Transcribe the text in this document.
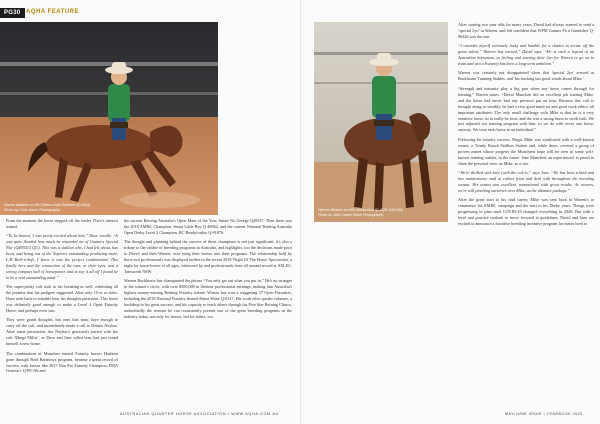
PG30 AQHA FEATURE
Darren Baldwin on WH Sheza Gold Grimbee (Q-RAQ)
Photo by Chris Jones Photography	Warren Neaves on WH Sheza Bud (Q-AQD QA1304)
Photo by Jolly Clarke Kebel Photography

From the moment the horse stepped off the trailer, Dave's interest waned.

“To be honest, I was pretty excited about him,” Dave recalls. “It was quite flooded how much he reminded me of Gunners Special Nite (Q495513 QU). This was a stallion who, I had felt about, has been, and being out of the Nayton's outstanding producing mare, L.H Rich-n-Soft, I knew it was the perfect combination! This finally hers and the connection of the cam, or their eyes, was a strong compact ball of horsepower, and to top it all off I found he to be a real outstanding mind.”

The super-pretty colt took to his breaking-in well, exhibiting all the promise that his pedigree suggested. After only 10 or so rides, Dave rode back to reinable him, his thoughts persistent. This horse was definitely good enough to make a Level 4 Open Futurity Horse, and perhaps even win.

They were grand thoughts, but ones that must have enough to carry off the colt, and immediately made a call to Dennis Neyhas. After some persuasion, the Neyhas's graciously parted with the colt ‘Marge Millet’, as Dave and Jane called him, had just found himself a new home.

The combination of Munchen started Futurity horses Harbour gone through Reid Rainbows program, became a great record of success, with horses like 2017 Non Pro Futurity Champion, DNA Genesis's Q-RT-A6 and

the current Reining Australia's Open Mare of the Year, Smart No George Q49337. Then there was the 2018 AMHC Champion, Smart Little Roy Q-49062, and the current National Reining Australia Open Derby Level 2 Champion, BC Readyforthis Q-91876.

The thought and planning behind the success of these champions is not just significant, it's also a tribute to the calibre of breeding programs in Australia, and highlights, too the decisions made prior to Dave's and then Warren, over tying their horses into their programs. The relationship held by these two professionals was displayed further in the recent 2019 'Night Of The Horse' Spectacular, a night for horse-lovers of all ages, witnessed by and professionals from all around record at AELEC, Tamworth NSW.

Warren Backhouse has championed the phrase “You only get out what you put in.” He's no stranger to the winner's circle, with over $300,000 in lifetime professional earnings, making him Australia's highest money-earning Reining Futurity trainer. Warren has won a staggering 37 Open Futurities, including the 2018 National Futurity aboard Sheza Shine Q-0127. His work ethic speaks volumes, a backdrop to his great success, and his capacity to teach others through his Five Star Reining Clinics, undoubtedly the reasons he can consistently present one of the great breeding programs in the industry today, not only for horses, but for riders, too.

After starting two year olds for many years, David had always wanted to send a ‘special 2yo’ to Warren, and felt confident that WPM Gunner Pa n Gunnisher Q-96426 was the one.

“I consider myself extremely lucky and humble for a chance to secure off the great talent,” Warren has earned,” David says. “He is such a legend of an Australian horseman, so feeling and starting their 2yo for Warren to go on to train and win a Futurity has been a long-term ambition.”

Warren was certainly not disappointed when that 'special 2yo' arrived at Backhouse Training Stables, and 'his tracking has good winds about Mike.'

“Strength and maturity play a big part when any horse comes through for training,” Warren states. “David Munchen did an excellent job starting Mike, and the horse had never had any pressure put on him. Because this colt is brought along so steadily, he had a very good mind set and good work ethics, all important attributes. The only small challenge with Mike is that he is a very sensitive horse, so to really be slow, and the was a strong horse to work with. We just adjusted our training program with him, so we do with every one horse, anyway. We treat each horse as an individual.”

Following his futurity success, Magic Mike was syndicated with a well-known owner, a Trinity Ranch Stallion Station and, while there, covered a group of proven mares whose progeny the Munchens hope will be seen in some well-known training stables, in the future. Jane Munchen, an experienced, is proud to share the personal view on Mike, as a sire.

“We're thrilled with how (with the colt is,” says Jane. “We has been a kind and low maintenance stud to collect from and deal with throughout the breeding season. His semen was excellent, nonnational with great results. As owners, we're still pinching ourselves over Mike, as the ultimate package.”

After the great start to his stud career, Mike was sent back to Warren's to commence his AMHC campaign and the start to his Derby years. Things were progressing to plan until COVID-19 changed everything in 2020. But with a level and positive outlook to move forward at guidelines, David and Jane are excited to announce a lucrative breeding incentive program for mares bred to

AUSTRALIAN QUARTER HORSE ASSOCIATION • WWW.AQHA.COM.AU	MAY/JUNE ISSUE • YEARBOOK 2020
